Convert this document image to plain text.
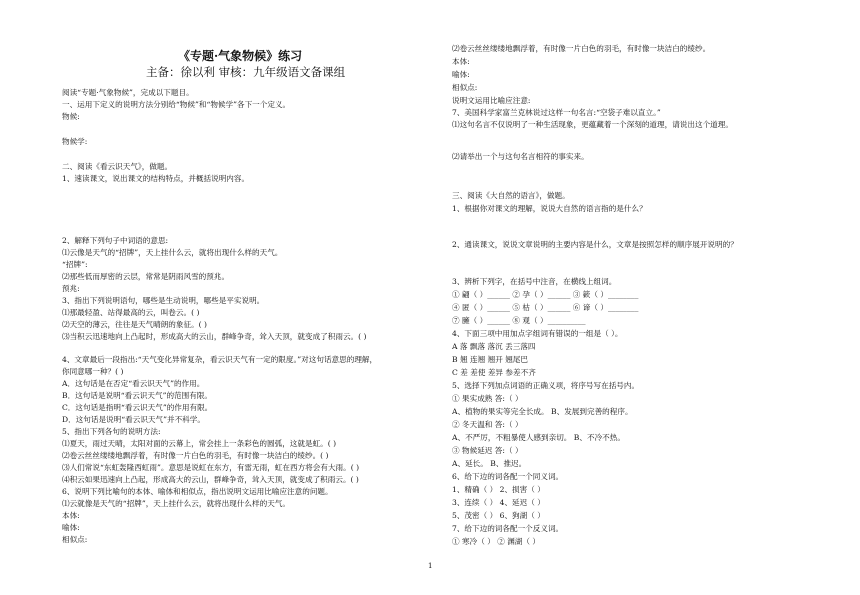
《专题·气象物候》练习
主备：徐以利 审核：九年级语文备课组
阅读“专题·气象物候”，完成以下题目。
一、运用下定义的说明方法分别给“物候”和“物候学”各下一个定义。
物候:
物候学:
二、阅读《看云识天气》，做题。
1、速读课文，说出课文的结构特点，并概括说明内容。
2、解释下列句子中词语的意思:
⑴云像是天气的“招牌”，天上挂什么云，就将出现什么样的天气。
“招牌”:
⑵那些低而厚密的云层，常常是阴雨风雪的预兆。
预兆:
3、指出下列说明语句，哪些是生动说明，哪些是平实说明。
⑴那最轻盈、站得最高的云，叫卷云。( )
⑵天空的薄云，往往是天气晴朗的象征。( )
⑶当积云迅速地向上凸起时，形成高大的云山，群峰争奇，耸入天顶，就变成了积雨云。( )
4、文章最后一段指出:“天气变化异常复杂，看云识天气有一定的限度。”对这句话意思的理解，
你同意哪一种？( )
A．这句话是在否定“看云识天气”的作用。
B．这句话是说明“看云识天气”的范围有限。
C．这句话是指明“看云识天气”的作用有限。
D．这句话是说明“看云识天气”并不科学。
5、指出下列各句的说明方法:
⑴夏天，雨过天晴，太阳对面的云幕上，常会挂上一条彩色的圆弧，这就是虹。( )
⑵卷云丝丝缕缕地飘浮着，有时像一片白色的羽毛，有时像一块洁白的绫纱。( )
⑶人们常说“东虹轰隆西虹雨”。意思是说虹在东方，有雷无雨，虹在西方将会有大雨。( )
⑷积云如果迅速向上凸起，形成高大的云山，群峰争奇，耸入天顶，就变成了积雨云。( )
6、说明下列比喻句的本体、喻体和相似点，指出说明文运用比喻应注意的问题。
⑴云就像是天气的“招牌”，天上挂什么云，就将出现什么样的天气。
本体:
喻体:
相似点:
⑵卷云丝丝缕缕地飘浮着，有时像一片白色的羽毛，有时像一块洁白的绫纱。
本体:
喻体:
相似点:
说明文运用比喻应注意:
7、美国科学家富兰克林说过这样一句名言:“空袋子难以直立。”
⑴这句名言不仅说明了一种生活现象，更蕴藏着一个深刻的道理，请说出这个道理。
⑵请举出一个与这句名言相符的事实来。
三、阅读《大自然的语言》，做题。
1、根据你对课文的理解，说说大自然的语言指的是什么？
2、通读课文，说说文章说明的主要内容是什么，文章是按照怎样的顺序展开说明的？
3、辨析下列字，在括号中注音，在横线上组词。
① 翩（ ）______ ② 孕（ ）______ ③ 簌（ ）________
④ 匿（ ）______ ⑤ 枯（ ）______ ⑥ 谛（ ）________
⑦ 臃（ ）______ ⑧ 观（ ）__________
4、下面三项中用加点字组词有错误的一组是（ ）。
A 落 飘落 落沉 丢三落四
B 翘 连翘 翘开 翘尾巴
C 差 差使 差异 参差不齐
5、选择下列加点词语的正确义项，将序号写在括号内。
① 果实成熟 答:（ ）
A、植物的果实等完全长成。 B、发展到完善的程序。
② 冬天温和 答:（ ）
A、不严厉，不粗暴使人感到亲切。 B、不冷不热。
③ 物候延迟 答:（ ）
A、延长。 B、推迟。
6、给下边的词各配一个同义词。
1、精确（ ） 2、损害（ ）
3、连续（ ） 4、延迟（ ）
5、茂密（ ） 6、狗湖（ ）
7、给下边的词各配一个反义词。
① 寒冷（ ） ② 渊湖（ ）
1
